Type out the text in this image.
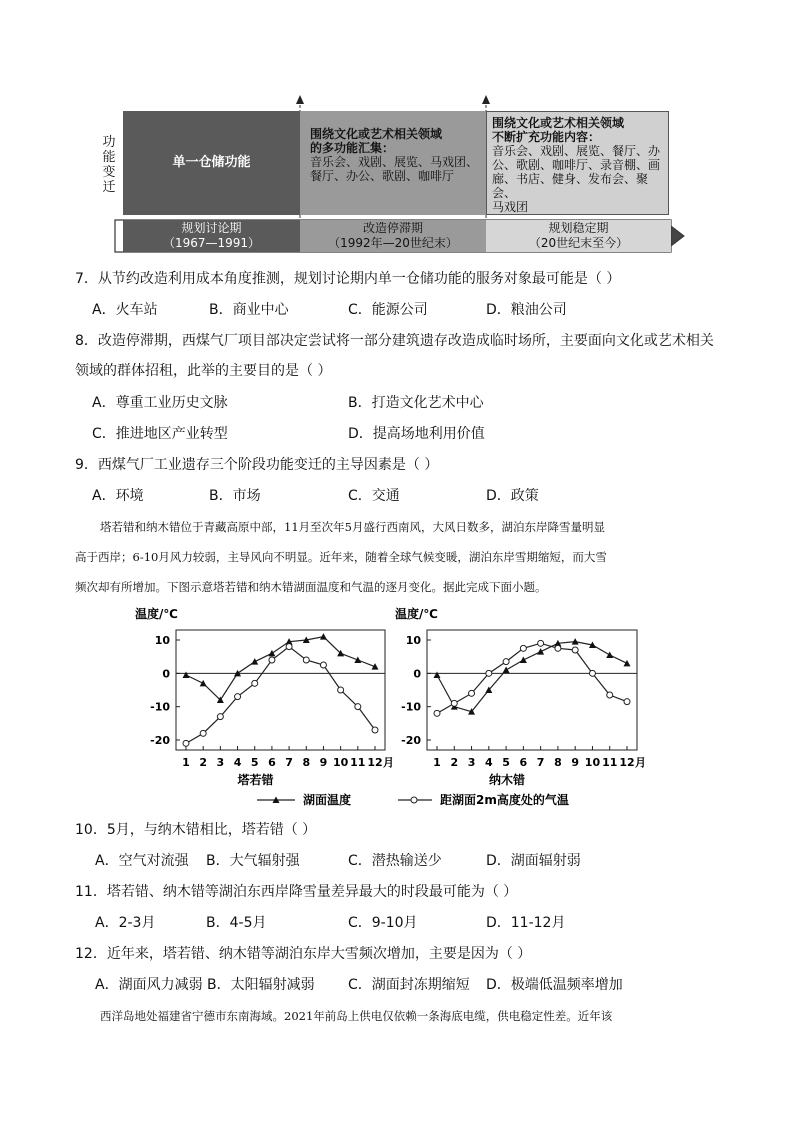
功能变迁
单一仓储功能
围绕文化或艺术相关领域
的多功能汇集：
音乐会、戏剧、展览、马戏团、
餐厅、办公、歌剧、咖啡厅
围绕文化或艺术相关领域
不断扩充功能内容：
音乐会、戏剧、展览、餐厅、办
公、歌剧、咖啡厅、录音棚、画
廊、书店、健身、发布会、聚会、
马戏团
规划讨论期
（1967—1991）
改造停滞期
（1992年—20世纪末）
规划稳定期
（20世纪末至今）
7．从节约改造利用成本角度推测，规划讨论期内单一仓储功能的服务对象最可能是（ ）
A．火车站	B．商业中心	C．能源公司	D．粮油公司
8．改造停滞期，西煤气厂项目部决定尝试将一部分建筑遗存改造成临时场所，主要面向文化或艺术相关
领域的群体招租，此举的主要目的是（ ）
A．尊重工业历史文脉	B．打造文化艺术中心
C．推进地区产业转型	D．提高场地利用价值
9．西煤气厂工业遗存三个阶段功能变迁的主导因素是（ ）
A．环境	B．市场	C．交通	D．政策
塔若错和纳木错位于青藏高原中部，11月至次年5月盛行西南风，大风日数多，湖泊东岸降雪量明显
高于西岸；6-10月风力较弱，主导风向不明显。近年来，随着全球气候变暖，湖泊东岸雪期缩短，而大雪
频次却有所增加。下图示意塔若错和纳木错湖面温度和气温的逐月变化。据此完成下面小题。
温度/℃
10
0
-10
-20
1 2 3 4 5 6 7 8 9 10 11 12 月
塔若错
温度/℃
10
0
-10
-20
1 2 3 4 5 6 7 8 9 10 11 12 月
纳木错
湖面温度	距湖面2m高度处的气温
10．5月，与纳木错相比，塔若错（ ）
A．空气对流强 B．大气辐射强	C．潜热输送少	D．湖面辐射弱
11．塔若错、纳木错等湖泊东西岸降雪量差异最大的时段最可能为（ ）
A．2-3月	B．4-5月	C．9-10月	D．11-12月
12．近年来，塔若错、纳木错等湖泊东岸大雪频次增加，主要是因为（ ）
A．湖面风力减弱 B．太阳辐射减弱 C．湖面封冻期缩短 D．极端低温频率增加
西洋岛地处福建省宁德市东南海域。2021年前岛上供电仅依赖一条海底电缆，供电稳定性差。近年该
